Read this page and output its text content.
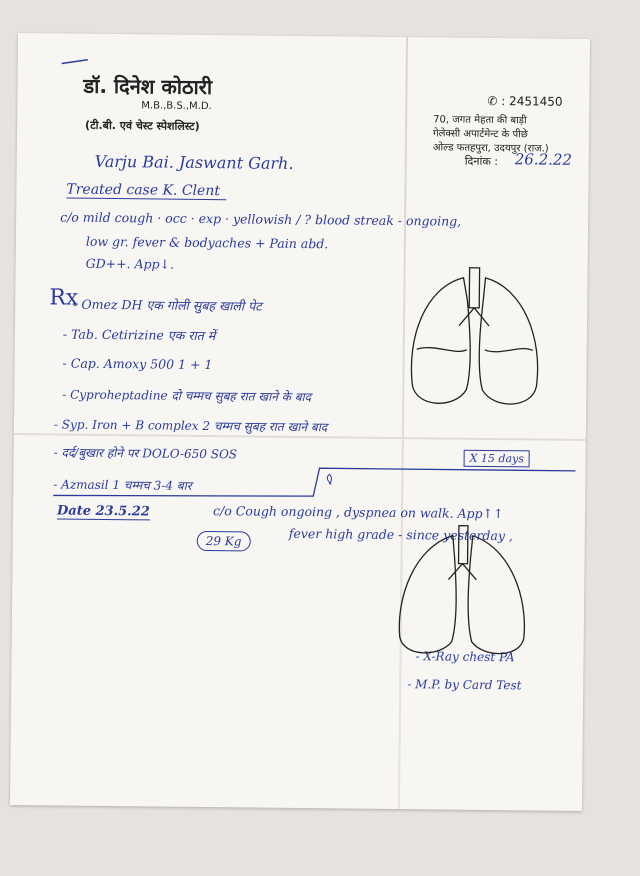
डॉ. दिनेश कोठारी
M.B.,B.S.,M.D.
(टी.बी. एवं चेस्ट स्पेशलिस्ट)
✆ : 2451450
70, जगत मेहता की बाड़ी
गेलेक्सी अपार्टमेन्ट के पीछे
ओल्ड फतहपुरा, उदयपुर (राज.)
दिनांक : 26.2.22
Varju Bai. Jaswant Garh.
Treated case K. Clent
c/o mild cough · occ · exp · yellowish / ? blood streak - ongoing,
low gr. fever & bodyaches + Pain abd.
GD++. App↓.
Rx
- Omez DH एक गोली सुबह खाली पेट
- Tab. Cetirizine एक रात में
- Cap. Amoxy 500 1 + 1
- Cyproheptadine दो चम्मच सुबह रात खाने के बाद
- Syp. Iron + B complex 2 चम्मच सुबह रात खाने बाद
- दर्द/बुखार होने पर DOLO-650 SOS	X 15 days
- Azmasil 1 चम्मच 3-4 बार
Date 23.5.22	c/o Cough ongoing , dyspnea on walk. App↑↑
fever high grade - since yesterday ,
29 Kg
- X-Ray chest PA
- M.P. by Card Test
